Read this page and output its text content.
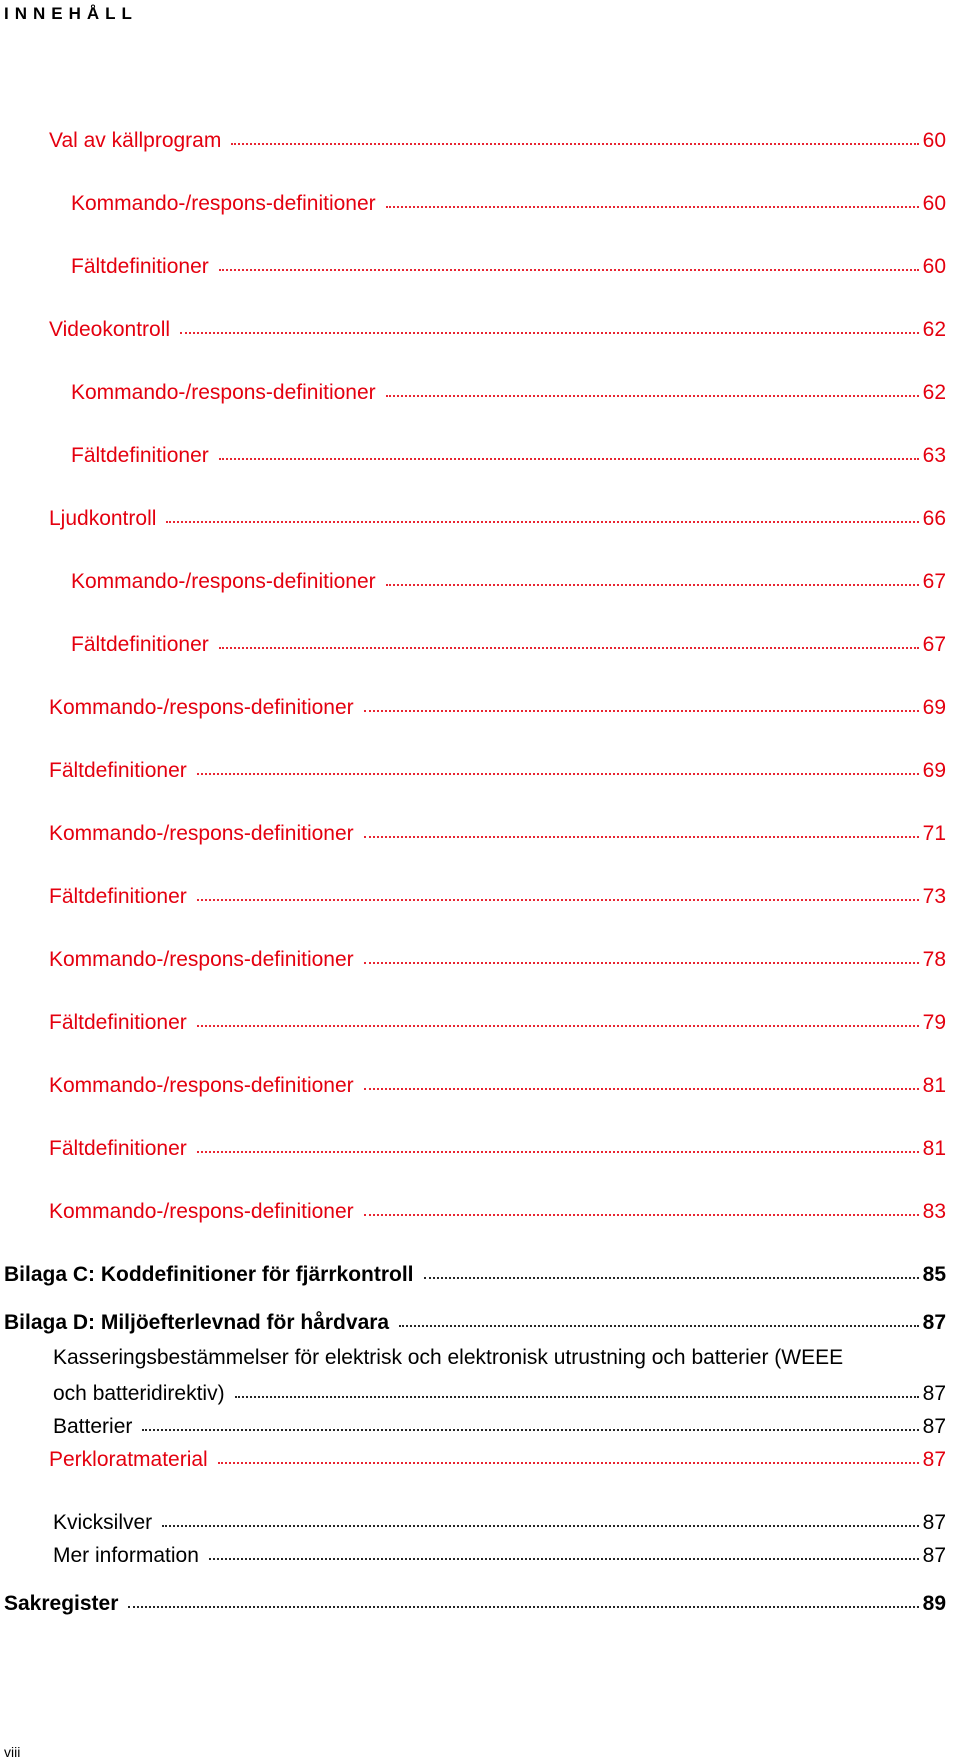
INNEHÅLL
Val av källprogram	60
Kommando-/respons-definitioner	60
Fältdefinitioner	60
Videokontroll	62
Kommando-/respons-definitioner	62
Fältdefinitioner	63
Ljudkontroll	66
Kommando-/respons-definitioner	67
Fältdefinitioner	67
Kommando-/respons-definitioner	69
Fältdefinitioner	69
Kommando-/respons-definitioner	71
Fältdefinitioner	73
Kommando-/respons-definitioner	78
Fältdefinitioner	79
Kommando-/respons-definitioner	81
Fältdefinitioner	81
Kommando-/respons-definitioner	83
Bilaga C: Koddefinitioner för fjärrkontroll	85
Bilaga D: Miljöefterlevnad för hårdvara	87
Kasseringsbestämmelser för elektrisk och elektronisk utrustning och batterier (WEEE
och batteridirektiv)	87
Batterier	87
Perkloratmaterial	87
Kvicksilver	87
Mer information	87
Sakregister	89
viii
